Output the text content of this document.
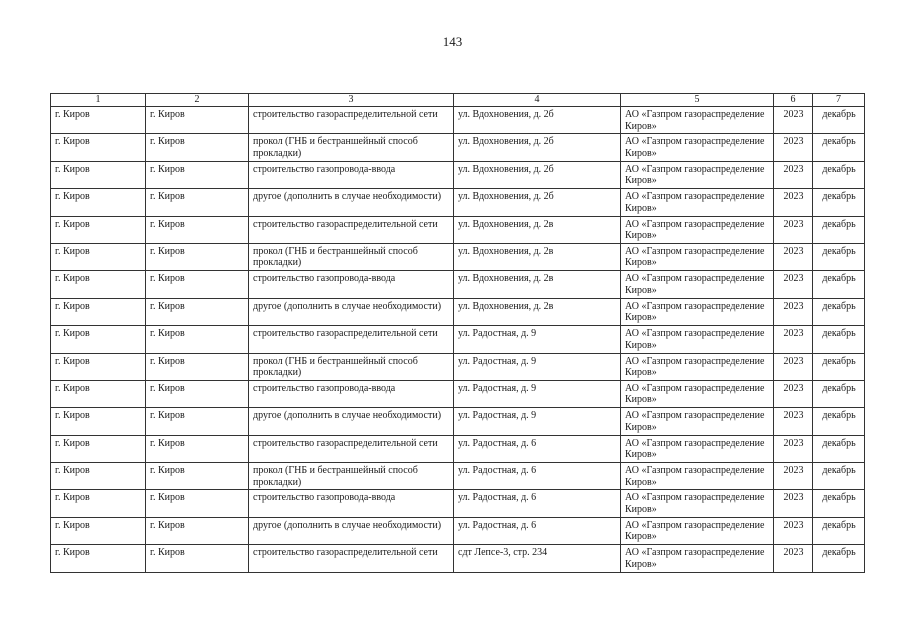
143
1	2	3	4	5	6	7
г. Киров	г. Киров	строительство газораспределительной сети	ул. Вдохновения, д. 2б	АО «Газпром газораспределение Киров»	2023	декабрь
г. Киров	г. Киров	прокол (ГНБ и бестраншейный способ прокладки)	ул. Вдохновения, д. 2б	АО «Газпром газораспределение Киров»	2023	декабрь
г. Киров	г. Киров	строительство газопровода-ввода	ул. Вдохновения, д. 2б	АО «Газпром газораспределение Киров»	2023	декабрь
г. Киров	г. Киров	другое (дополнить в случае необходимости)	ул. Вдохновения, д. 2б	АО «Газпром газораспределение Киров»	2023	декабрь
г. Киров	г. Киров	строительство газораспределительной сети	ул. Вдохновения, д. 2в	АО «Газпром газораспределение Киров»	2023	декабрь
г. Киров	г. Киров	прокол (ГНБ и бестраншейный способ прокладки)	ул. Вдохновения, д. 2в	АО «Газпром газораспределение Киров»	2023	декабрь
г. Киров	г. Киров	строительство газопровода-ввода	ул. Вдохновения, д. 2в	АО «Газпром газораспределение Киров»	2023	декабрь
г. Киров	г. Киров	другое (дополнить в случае необходимости)	ул. Вдохновения, д. 2в	АО «Газпром газораспределение Киров»	2023	декабрь
г. Киров	г. Киров	строительство газораспределительной сети	ул. Радостная, д. 9	АО «Газпром газораспределение Киров»	2023	декабрь
г. Киров	г. Киров	прокол (ГНБ и бестраншейный способ прокладки)	ул. Радостная, д. 9	АО «Газпром газораспределение Киров»	2023	декабрь
г. Киров	г. Киров	строительство газопровода-ввода	ул. Радостная, д. 9	АО «Газпром газораспределение Киров»	2023	декабрь
г. Киров	г. Киров	другое (дополнить в случае необходимости)	ул. Радостная, д. 9	АО «Газпром газораспределение Киров»	2023	декабрь
г. Киров	г. Киров	строительство газораспределительной сети	ул. Радостная, д. 6	АО «Газпром газораспределение Киров»	2023	декабрь
г. Киров	г. Киров	прокол (ГНБ и бестраншейный способ прокладки)	ул. Радостная, д. 6	АО «Газпром газораспределение Киров»	2023	декабрь
г. Киров	г. Киров	строительство газопровода-ввода	ул. Радостная, д. 6	АО «Газпром газораспределение Киров»	2023	декабрь
г. Киров	г. Киров	другое (дополнить в случае необходимости)	ул. Радостная, д. 6	АО «Газпром газораспределение Киров»	2023	декабрь
г. Киров	г. Киров	строительство газораспределительной сети	сдт Лепсе-3, стр. 234	АО «Газпром газораспределение Киров»	2023	декабрь
